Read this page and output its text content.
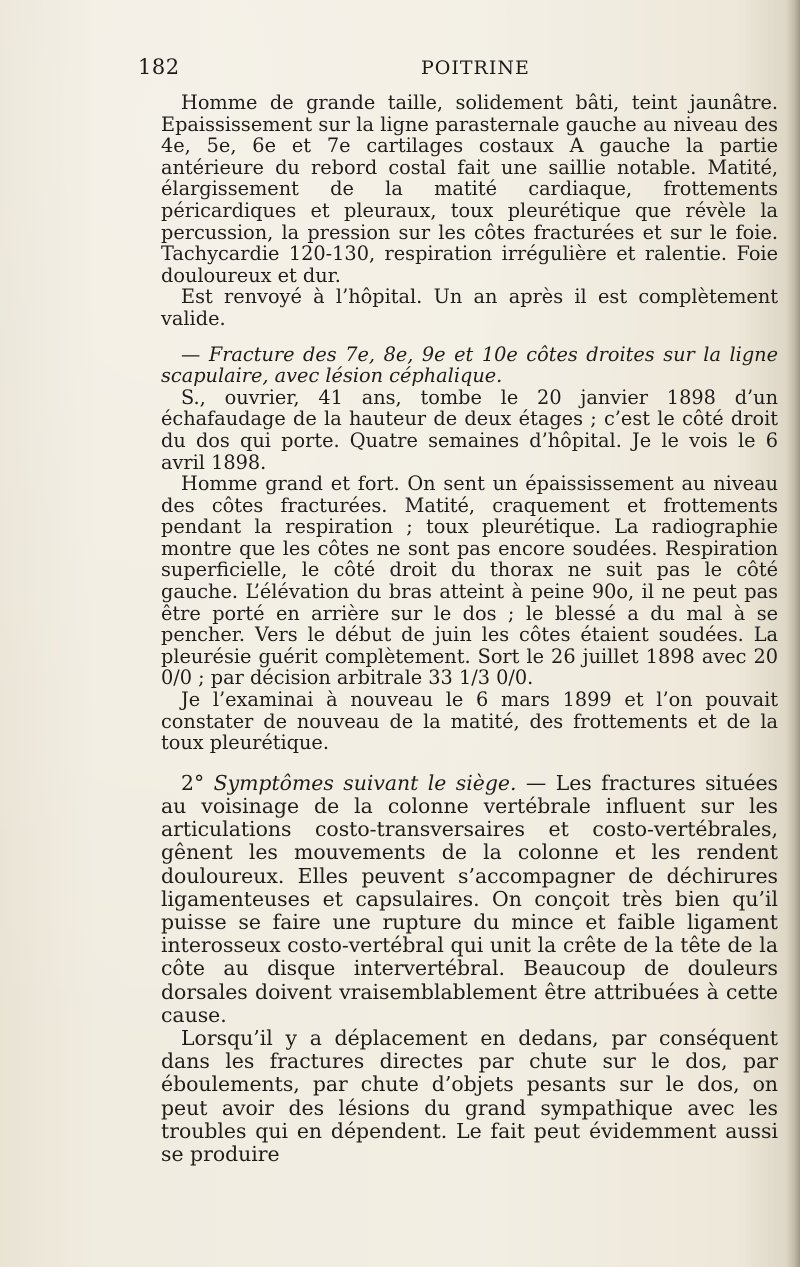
182	POITRINE

Homme de grande taille, solidement bâti, teint jaunâtre. Epaississement sur la ligne parasternale gauche au niveau des 4e, 5e, 6e et 7e cartilages costaux A gauche la partie antérieure du rebord costal fait une saillie notable. Matité, élargissement de la matité cardiaque, frottements péricardiques et pleuraux, toux pleurétique que révèle la percussion, la pression sur les côtes fracturées et sur le foie. Tachycardie 120-130, respiration irrégulière et ralentie. Foie douloureux et dur.

Est renvoyé à l’hôpital. Un an après il est complètement valide.

— Fracture des 7e, 8e, 9e et 10e côtes droites sur la ligne scapulaire, avec lésion céphalique.

S., ouvrier, 41 ans, tombe le 20 janvier 1898 d’un échafaudage de la hauteur de deux étages ; c’est le côté droit du dos qui porte. Quatre semaines d’hôpital. Je le vois le 6 avril 1898.

Homme grand et fort. On sent un épaississement au niveau des côtes fracturées. Matité, craquement et frottements pendant la respiration ; toux pleurétique. La radiographie montre que les côtes ne sont pas encore soudées. Respiration superficielle, le côté droit du thorax ne suit pas le côté gauche. L’élévation du bras atteint à peine 90o, il ne peut pas être porté en arrière sur le dos ; le blessé a du mal à se pencher. Vers le début de juin les côtes étaient soudées. La pleurésie guérit complètement. Sort le 26 juillet 1898 avec 20 0/0 ; par décision arbitrale 33 1/3 0/0.

Je l’examinai à nouveau le 6 mars 1899 et l’on pouvait constater de nouveau de la matité, des frottements et de la toux pleurétique.

2° Symptômes suivant le siège. — Les fractures situées au voisinage de la colonne vertébrale influent sur les articulations costo-transversaires et costo-vertébrales, gênent les mouvements de la colonne et les rendent douloureux. Elles peuvent s’accompagner de déchirures ligamenteuses et capsulaires. On conçoit très bien qu’il puisse se faire une rupture du mince et faible ligament interosseux costo-vertébral qui unit la crête de la tête de la côte au disque intervertébral. Beaucoup de douleurs dorsales doivent vraisemblablement être attribuées à cette cause.

Lorsqu’il y a déplacement en dedans, par conséquent dans les fractures directes par chute sur le dos, par éboulements, par chute d’objets pesants sur le dos, on peut avoir des lésions du grand sympathique avec les troubles qui en dépendent. Le fait peut évidemment aussi se produire
